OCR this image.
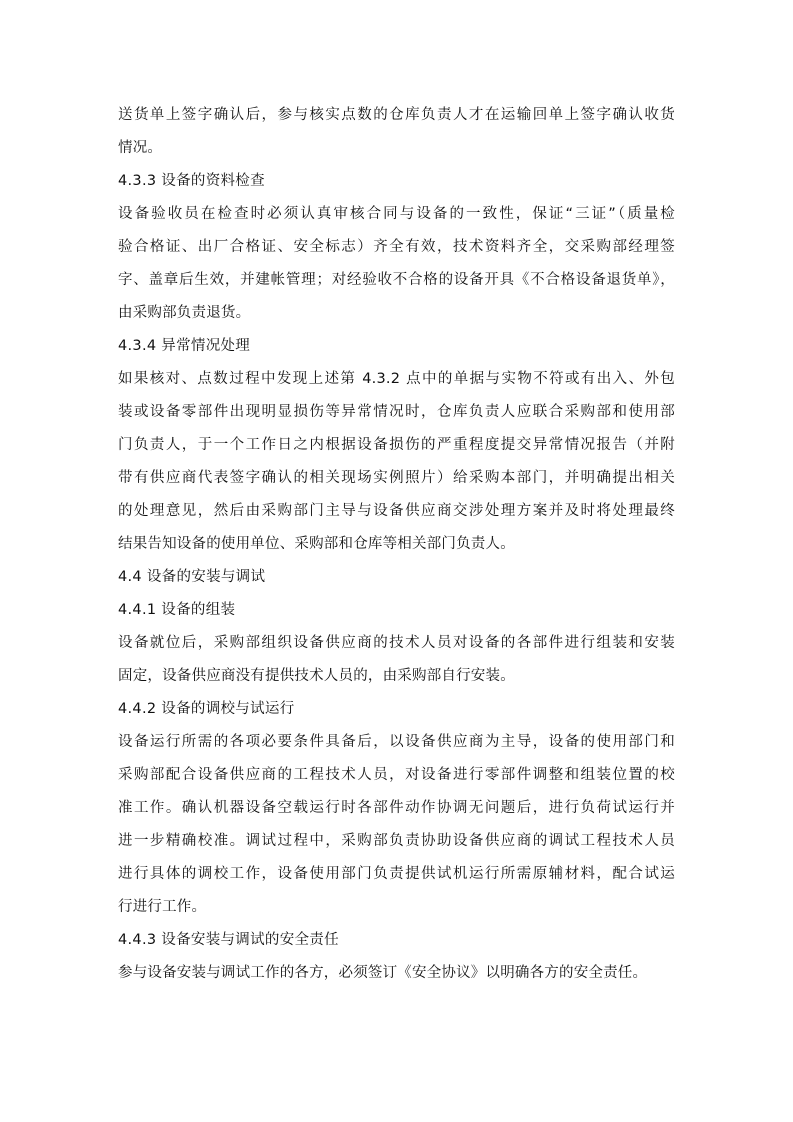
送货单上签字确认后，参与核实点数的仓库负责人才在运输回单上签字确认收货
情况。
4.3.3 设备的资料检查
设备验收员在检查时必须认真审核合同与设备的一致性，保证“三证”（质量检
验合格证、出厂合格证、安全标志）齐全有效，技术资料齐全，交采购部经理签
字、盖章后生效，并建帐管理；对经验收不合格的设备开具《不合格设备退货单》，
由采购部负责退货。
4.3.4 异常情况处理
如果核对、点数过程中发现上述第 4.3.2 点中的单据与实物不符或有出入、外包
装或设备零部件出现明显损伤等异常情况时，仓库负责人应联合采购部和使用部
门负责人，于一个工作日之内根据设备损伤的严重程度提交异常情况报告（并附
带有供应商代表签字确认的相关现场实例照片）给采购本部门，并明确提出相关
的处理意见，然后由采购部门主导与设备供应商交涉处理方案并及时将处理最终
结果告知设备的使用单位、采购部和仓库等相关部门负责人。
4.4 设备的安装与调试
4.4.1 设备的组装
设备就位后，采购部组织设备供应商的技术人员对设备的各部件进行组装和安装
固定，设备供应商没有提供技术人员的，由采购部自行安装。
4.4.2 设备的调校与试运行
设备运行所需的各项必要条件具备后，以设备供应商为主导，设备的使用部门和
采购部配合设备供应商的工程技术人员，对设备进行零部件调整和组装位置的校
准工作。确认机器设备空载运行时各部件动作协调无问题后，进行负荷试运行并
进一步精确校准。调试过程中，采购部负责协助设备供应商的调试工程技术人员
进行具体的调校工作，设备使用部门负责提供试机运行所需原辅材料，配合试运
行进行工作。
4.4.3 设备安装与调试的安全责任
参与设备安装与调试工作的各方，必须签订《安全协议》以明确各方的安全责任。
